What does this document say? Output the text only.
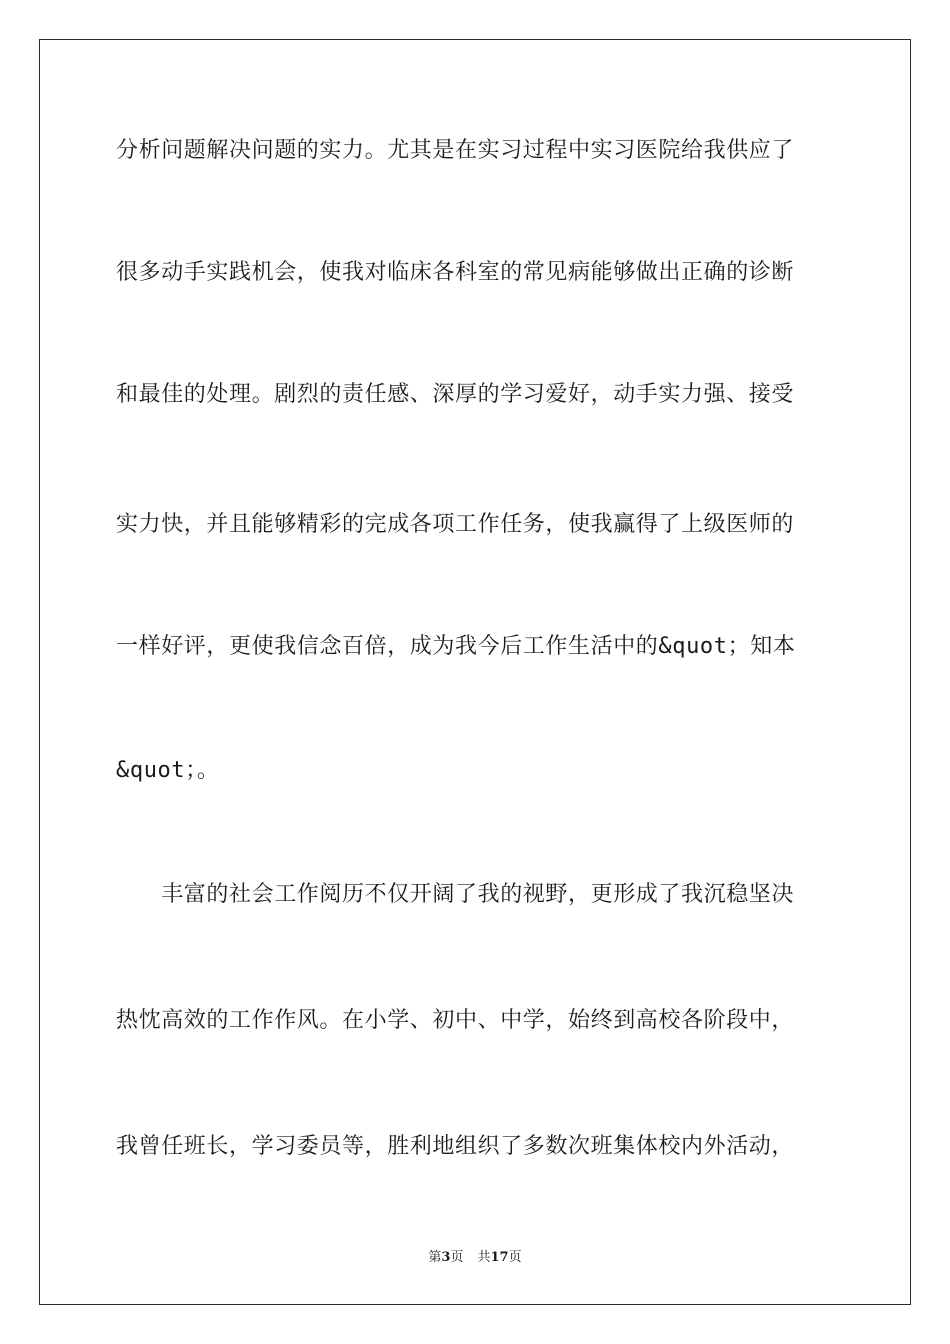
分析问题解决问题的实力。尤其是在实习过程中实习医院给我供应了
很多动手实践机会，使我对临床各科室的常见病能够做出正确的诊断
和最佳的处理。剧烈的责任感、深厚的学习爱好，动手实力强、接受
实力快，并且能够精彩的完成各项工作任务，使我赢得了上级医师的
一样好评，更使我信念百倍，成为我今后工作生活中的&quot；知本
&quot；。
　　丰富的社会工作阅历不仅开阔了我的视野，更形成了我沉稳坚决
热忱高效的工作作风。在小学、初中、中学，始终到高校各阶段中，
我曾任班长，学习委员等，胜利地组织了多数次班集体校内外活动，
第3页 共17页
